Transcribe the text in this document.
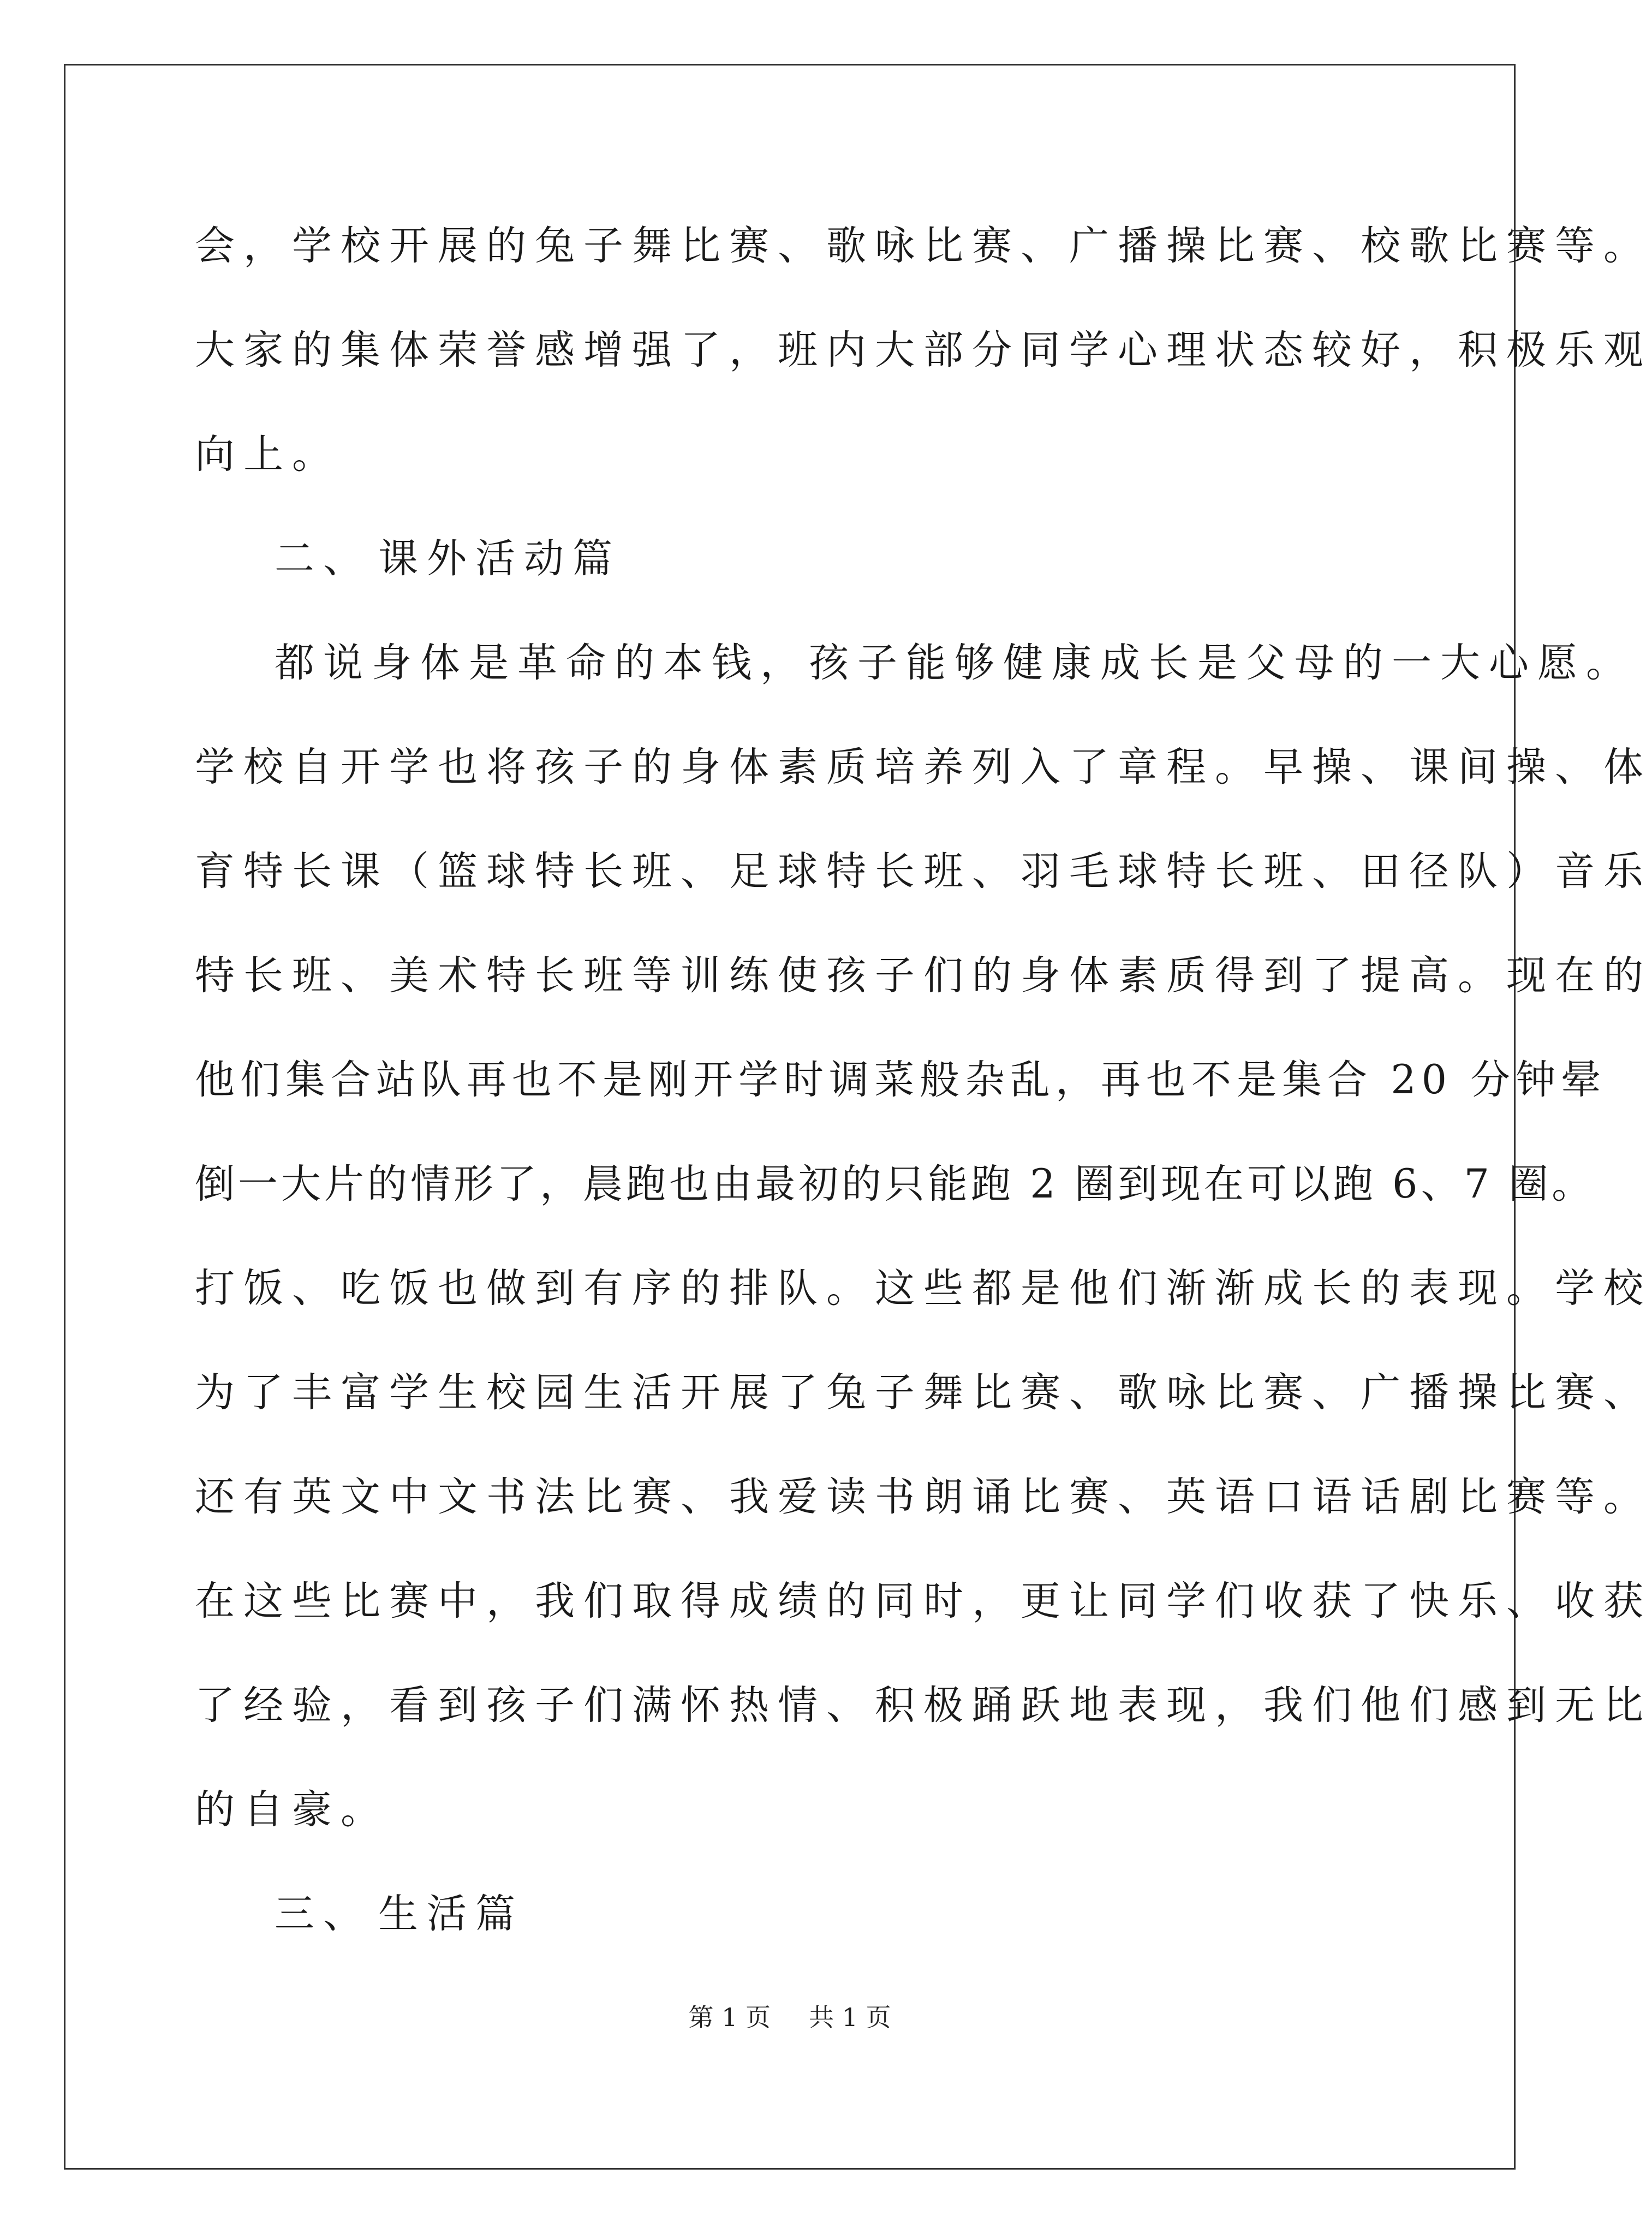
会，学校开展的兔子舞比赛、歌咏比赛、广播操比赛、校歌比赛等。
大家的集体荣誉感增强了，班内大部分同学心理状态较好，积极乐观
向上。
二、 课外活动篇
都说身体是革命的本钱，孩子能够健康成长是父母的一大心愿。
学校自开学也将孩子的身体素质培养列入了章程。早操、课间操、体
育特长课（篮球特长班、足球特长班、羽毛球特长班、田径队）音乐
特长班、美术特长班等训练使孩子们的身体素质得到了提高。现在的
他们集合站队再也不是刚开学时调菜般杂乱，再也不是集合 20 分钟晕
倒一大片的情形了，晨跑也由最初的只能跑 2 圈到现在可以跑 6、7 圈。
打饭、吃饭也做到有序的排队。这些都是他们渐渐成长的表现。学校
为了丰富学生校园生活开展了兔子舞比赛、歌咏比赛、广播操比赛、
还有英文中文书法比赛、我爱读书朗诵比赛、英语口语话剧比赛等。
在这些比赛中，我们取得成绩的同时，更让同学们收获了快乐、收获
了经验，看到孩子们满怀热情、积极踊跃地表现，我们他们感到无比
的自豪。
三、 生活篇
第 1 页 共 1 页
